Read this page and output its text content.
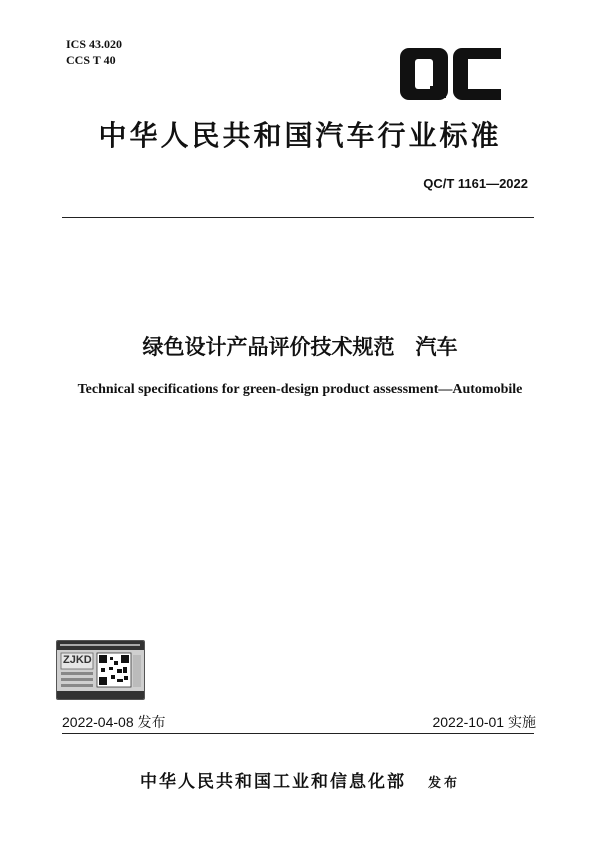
ICS 43.020
CCS T 40
中华人民共和国汽车行业标准
QC/T 1161—2022
绿色设计产品评价技术规范　汽车
Technical specifications for green-design product assessment—Automobile
ZJKD
2022-04-08 发布	2022-10-01 实施
中华人民共和国工业和信息化部 发布
